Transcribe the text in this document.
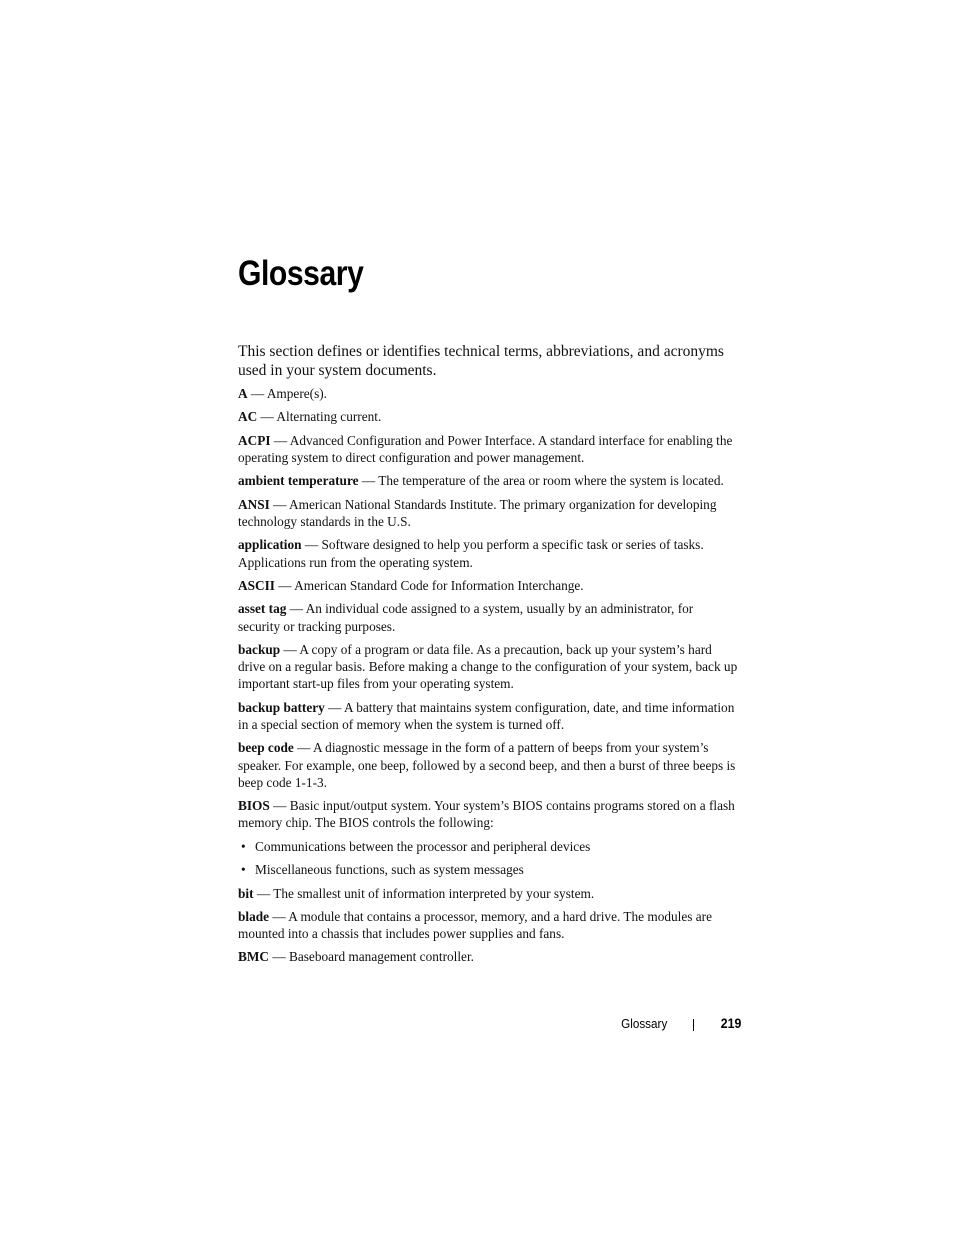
Glossary

This section defines or identifies technical terms, abbreviations, and acronyms used in your system documents.

A — Ampere(s).

AC — Alternating current.

ACPI — Advanced Configuration and Power Interface. A standard interface for enabling the operating system to direct configuration and power management.

ambient temperature — The temperature of the area or room where the system is located.

ANSI — American National Standards Institute. The primary organization for developing technology standards in the U.S.

application — Software designed to help you perform a specific task or series of tasks. Applications run from the operating system.

ASCII — American Standard Code for Information Interchange.

asset tag — An individual code assigned to a system, usually by an administrator, for security or tracking purposes.

backup — A copy of a program or data file. As a precaution, back up your system’s hard drive on a regular basis. Before making a change to the configuration of your system, back up important start-up files from your operating system.

backup battery — A battery that maintains system configuration, date, and time information in a special section of memory when the system is turned off.

beep code — A diagnostic message in the form of a pattern of beeps from your system’s speaker. For example, one beep, followed by a second beep, and then a burst of three beeps is beep code 1-1-3.

BIOS — Basic input/output system. Your system’s BIOS contains programs stored on a flash memory chip. The BIOS controls the following:

• Communications between the processor and peripheral devices
• Miscellaneous functions, such as system messages

bit — The smallest unit of information interpreted by your system.

blade — A module that contains a processor, memory, and a hard drive. The modules are mounted into a chassis that includes power supplies and fans.

BMC — Baseboard management controller.

Glossary	219
